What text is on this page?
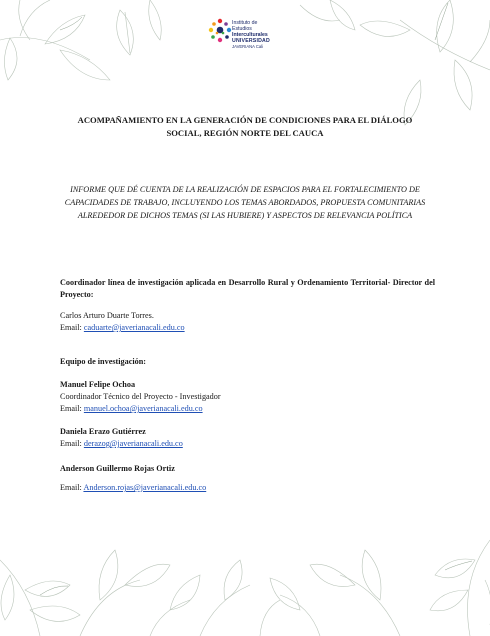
Instituto de
Estudios
Interculturales
UNIVERSIDAD
JAVERIANA Cali
ACOMPAÑAMIENTO EN LA GENERACIÓN DE CONDICIONES PARA EL DIÁLOGO SOCIAL, REGIÓN NORTE DEL CAUCA
INFORME QUE DÉ CUENTA DE LA REALIZACIÓN DE ESPACIOS PARA EL FORTALECIMIENTO DE CAPACIDADES DE TRABAJO, INCLUYENDO LOS TEMAS ABORDADOS, PROPUESTA COMUNITARIAS ALREDEDOR DE DICHOS TEMAS (SI LAS HUBIERE) Y ASPECTOS DE RELEVANCIA POLÍTICA
Coordinador línea de investigación aplicada en Desarrollo Rural y Ordenamiento Territorial- Director del Proyecto:
Carlos Arturo Duarte Torres.
Email: caduarte@javerianacali.edu.co
Equipo de investigación:
Manuel Felipe Ochoa
Coordinador Técnico del Proyecto - Investigador
Email: manuel.ochoa@javerianacali.edu.co
Daniela Erazo Gutiérrez
Email: derazog@javerianacali.edu.co
Anderson Guillermo Rojas Ortiz
Email: Anderson.rojas@javerianacali.edu.co
